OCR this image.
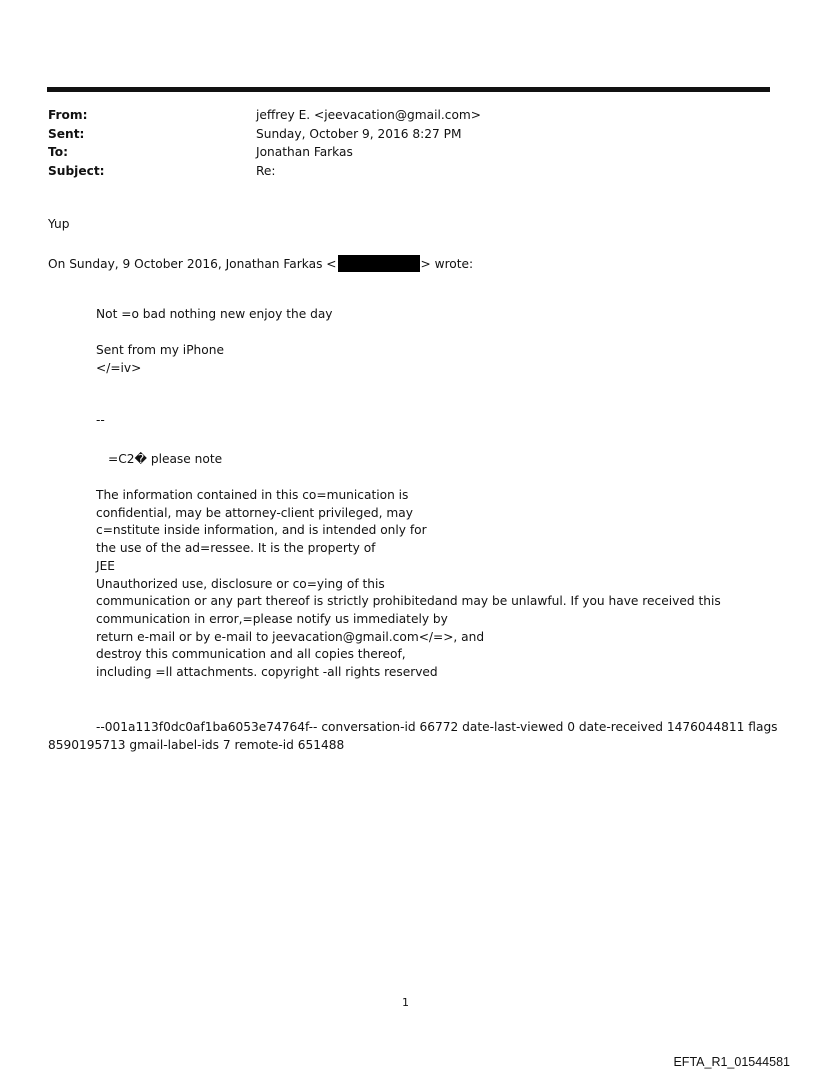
From:	jeffrey E. <jeevacation@gmail.com>
Sent:	Sunday, October 9, 2016 8:27 PM
To:	Jonathan Farkas
Subject:	Re:
Yup
On Sunday, 9 October 2016, Jonathan Farkas <	> wrote:
Not =o bad nothing new enjoy the day
Sent from my iPhone
</=iv>
--
=C2� please note
The information contained in this co=munication is
confidential, may be attorney-client privileged, may
c=nstitute inside information, and is intended only for
the use of the ad=ressee. It is the property of
JEE
Unauthorized use, disclosure or co=ying of this
communication or any part thereof is strictly prohibitedand may be unlawful. If you have received this
communication in error,=please notify us immediately by
return e-mail or by e-mail to jeevacation@gmail.com</=>, and
destroy this communication and all copies thereof,
including =ll attachments. copyright -all rights reserved
--001a113f0dc0af1ba6053e74764f-- conversation-id 66772 date-last-viewed 0 date-received 1476044811 flags
8590195713 gmail-label-ids 7 remote-id 651488
1
EFTA_R1_01544581
